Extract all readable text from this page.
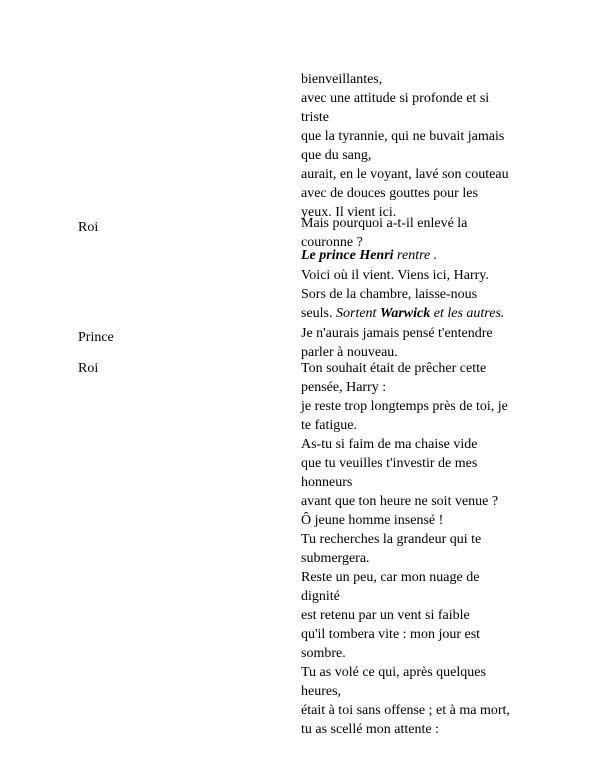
bienveillantes,
avec une attitude si profonde et si
triste
que la tyrannie, qui ne buvait jamais
que du sang,
aurait, en le voyant, lavé son couteau
avec de douces gouttes pour les
yeux. Il vient ici.
Roi	Mais pourquoi a-t-il enlevé la
couronne ?
Le prince Henri rentre .
Voici où il vient. Viens ici, Harry.
Sors de la chambre, laisse-nous
seuls. Sortent Warwick et les autres.
Prince	Je n'aurais jamais pensé t'entendre
parler à nouveau.
Roi	Ton souhait était de prêcher cette
pensée, Harry :
je reste trop longtemps près de toi, je
te fatigue.
As-tu si faim de ma chaise vide
que tu veuilles t'investir de mes
honneurs
avant que ton heure ne soit venue ?
Ô jeune homme insensé !
Tu recherches la grandeur qui te
submergera.
Reste un peu, car mon nuage de
dignité
est retenu par un vent si faible
qu'il tombera vite : mon jour est
sombre.
Tu as volé ce qui, après quelques
heures,
était à toi sans offense ; et à ma mort,
tu as scellé mon attente :
